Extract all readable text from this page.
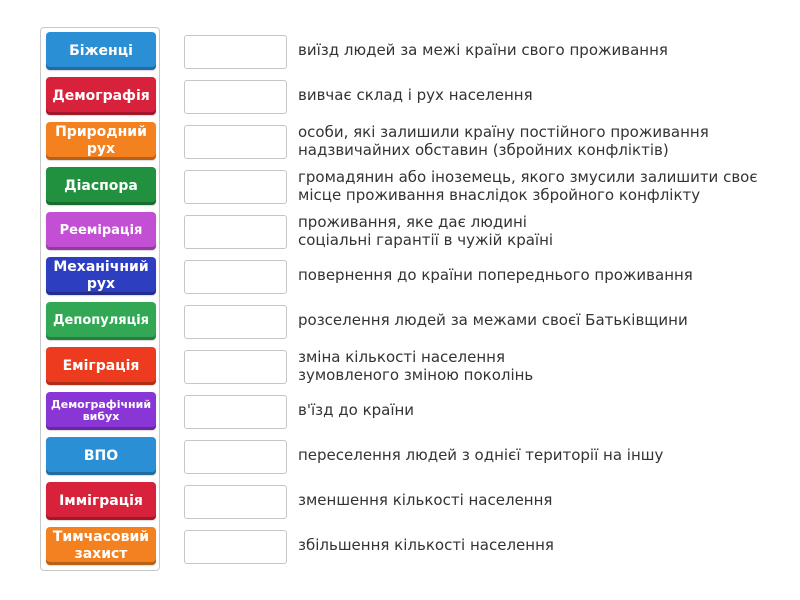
Біженці
Демографія
Природний рух
Діаспора
Реемірація
Механічний рух
Депопуляція
Еміграція
Демографічний вибух
ВПО
Імміграція
Тимчасовий захист
виїзд людей за межі країни свого проживання
вивчає склад і рух населення
особи, які залишили країну постійного проживання надзвичайних обставин (збройних конфліктів)
громадянин або іноземець, якого змусили залишити своє місце проживання внаслідок збройного конфлікту
проживання, яке дає людині соціальні гарантії в чужій країні
повернення до країни попереднього проживання
розселення людей за межами своєї Батьківщини
зміна кількості населення зумовленого зміною поколінь
в'їзд до країни
переселення людей з однієї території на іншу
зменшення кількості населення
збільшення кількості населення
